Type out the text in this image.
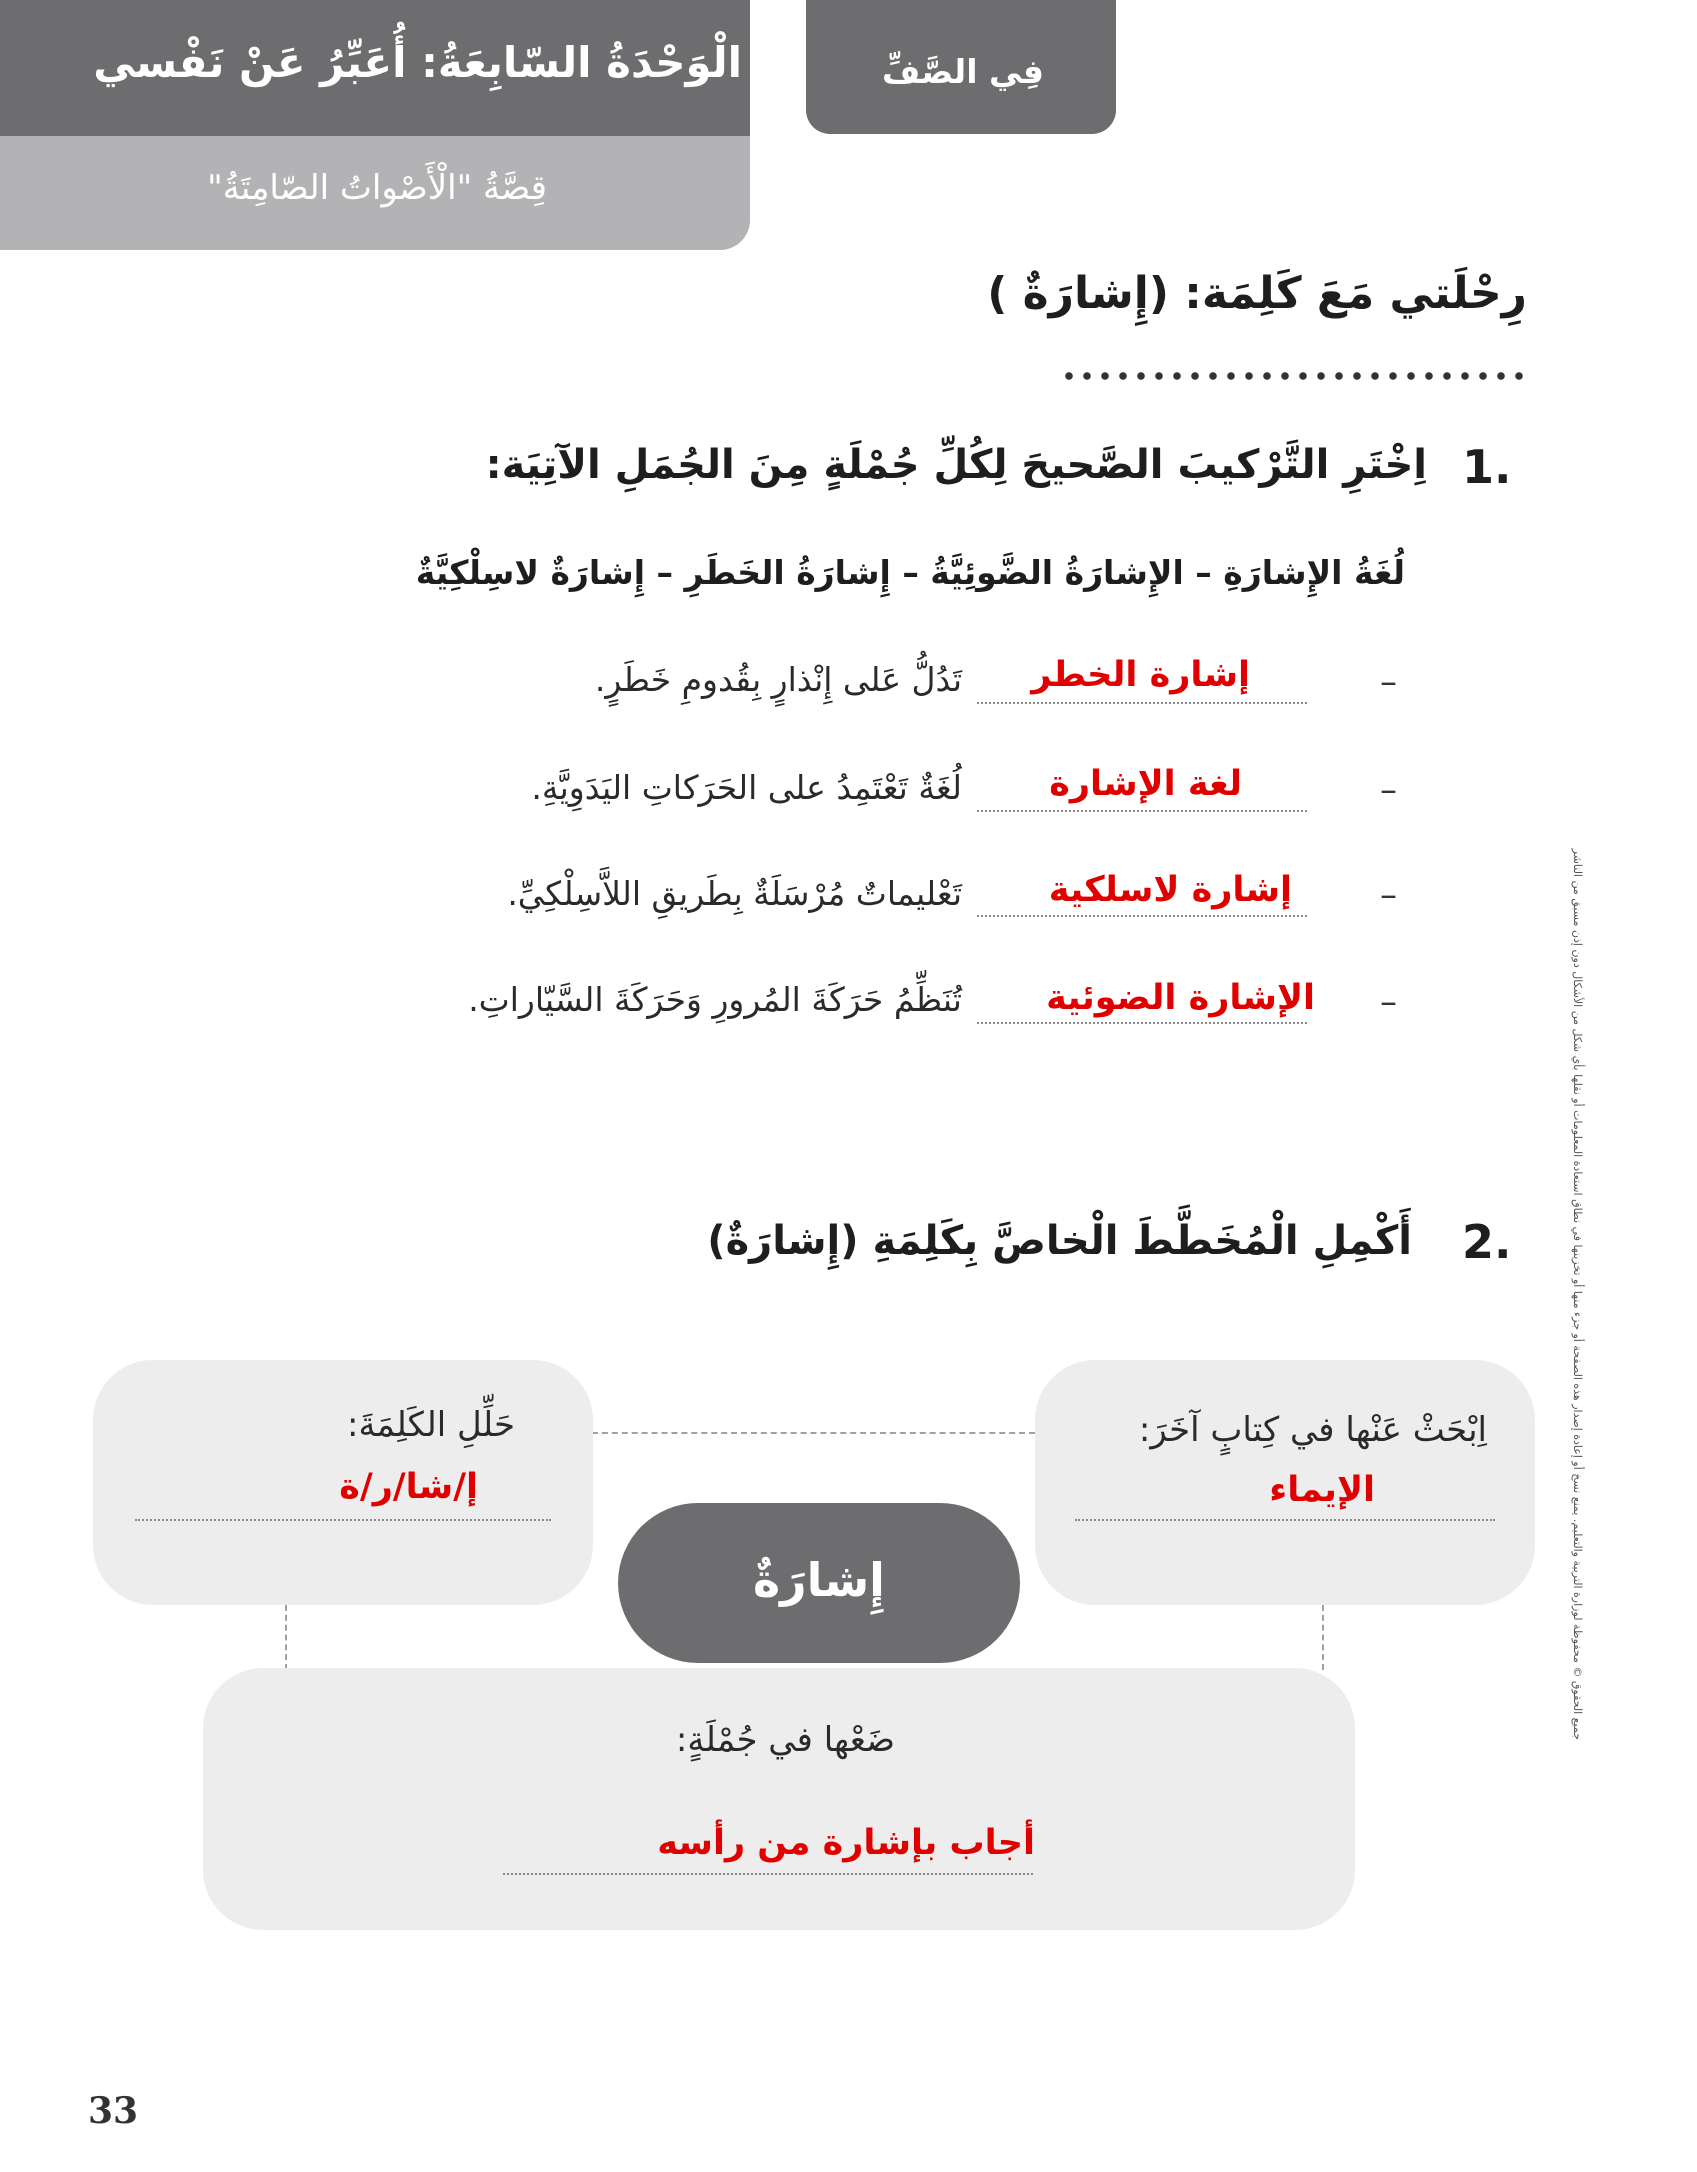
الْوَحْدَةُ السّابِعَةُ: أُعَبِّرُ عَنْ نَفْسي
قِصَّةُ "الْأَصْواتُ الصّامِتَةُ"
فِي الصَّفِّ
رِحْلَتي مَعَ كَلِمَة: (إِشارَةٌ )
1.
اِخْتَرِ التَّرْكيبَ الصَّحيحَ لِكُلِّ جُمْلَةٍ مِنَ الجُمَلِ الآتِيَة:
لُغَةُ الإِشارَةِ – الإِشارَةُ الضَّوئِيَّةُ – إِشارَةُ الخَطَرِ – إِشارَةٌ لاسِلْكِيَّةٌ
–
إشارة الخطر
تَدُلُّ عَلى إِنْذارٍ بِقُدومِ خَطَرٍ.
–
لغة الإشارة
لُغَةٌ تَعْتَمِدُ على الحَرَكاتِ اليَدَوِيَّةِ.
–
إشارة لاسلكية
تَعْليماتٌ مُرْسَلَةٌ بِطَريقِ اللاَّسِلْكِيِّ.
–
الإشارة الضوئية
تُنَظِّمُ حَرَكَةَ المُرورِ وَحَرَكَةَ السَّيّاراتِ.
2.
أَكْمِلِ الْمُخَطَّطَ الْخاصَّ بِكَلِمَةِ (إِشارَةٌ)
حَلِّلِ الكَلِمَةَ:
إ/شا/ر/ة
اِبْحَثْ عَنْها في كِتابٍ آخَرَ:
الإيماء
إِشارَةٌ
ضَعْها في جُمْلَةٍ:
أجاب بإشارة من رأسه
جميع الحقوق © محفوظة لوزارة التربية والتعليم. يمنع نسخ أو إعادة إصدار هذه الصفحة أو جزء منها أو تخزينها في نطاق استعادة المعلومات أو نقلها بأي شكل من الأشكال دون إذن مسبق من الناشر
33
